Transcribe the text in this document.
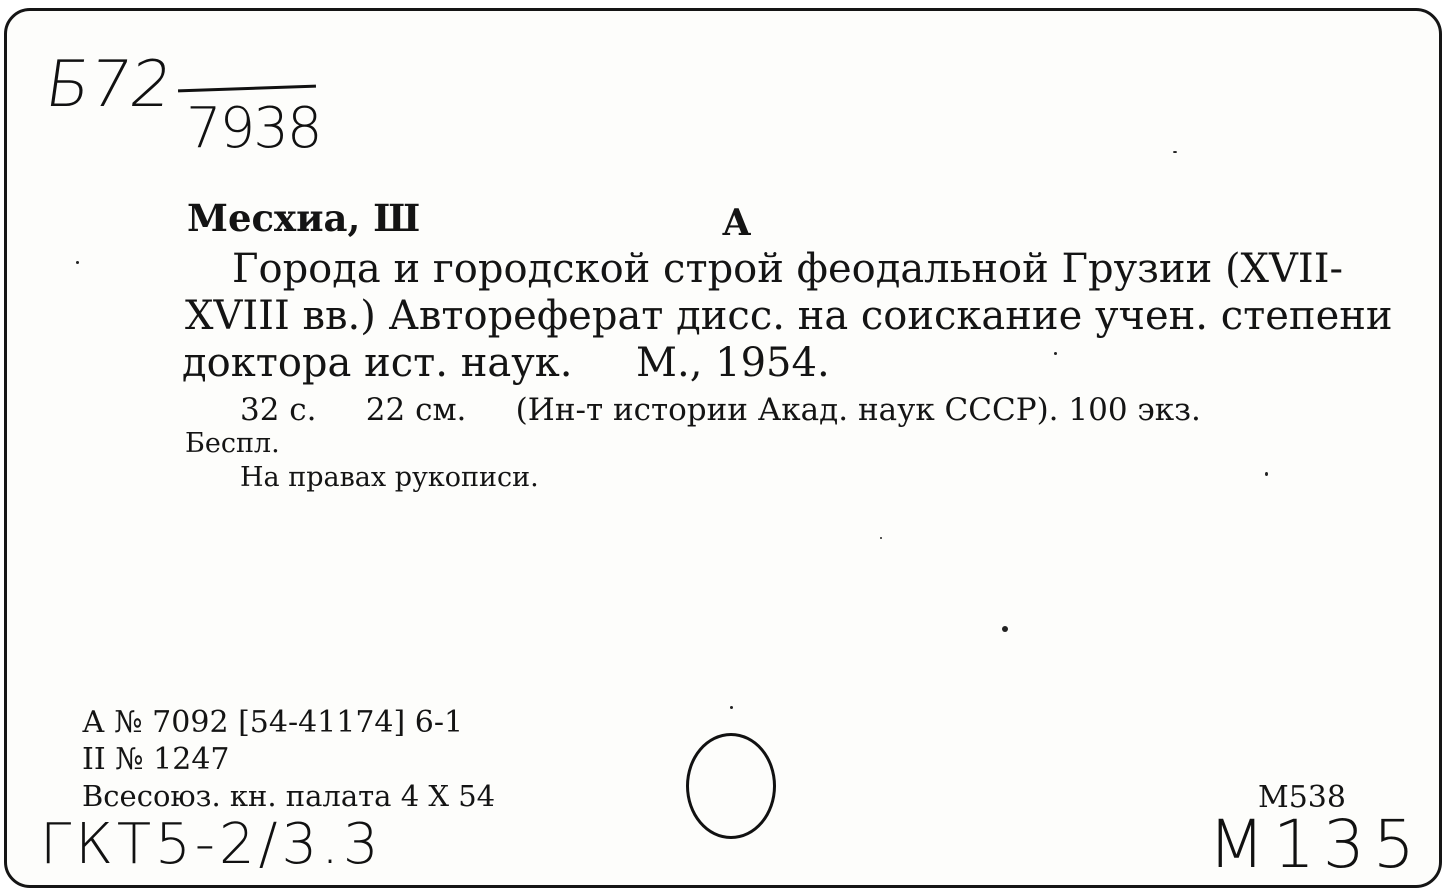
Б72
7938
Месхиа, Ш	А
Города и городской строй феодальной Грузии (XVII-
XVIII вв.) Автореферат дисс. на соискание учен. степени
доктора ист. наук.     М., 1954.
32 с.     22 см.     (Ин-т истории Акад. наук СССР). 100 экз.
Беспл.
На правах рукописи.
А № 7092 [54-41174] 6-1
II № 1247
Всесоюз. кн. палата 4 X 54	М538
ГКТ5-2/3.3	М135
